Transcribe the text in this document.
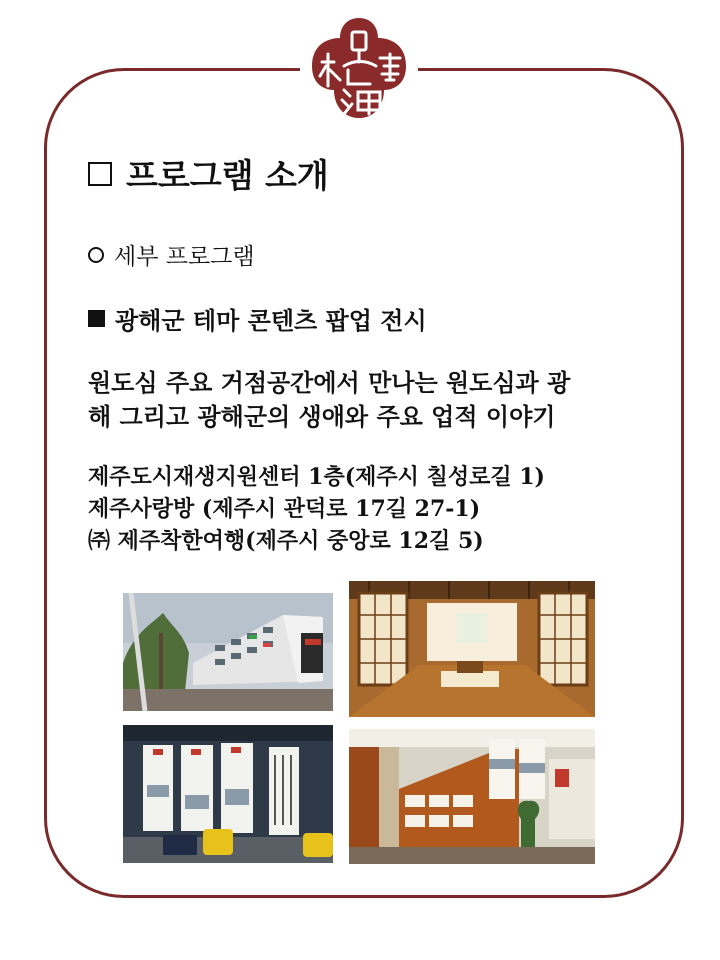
프로그램 소개
세부 프로그램
광해군 테마 콘텐츠 팝업 전시
원도심 주요 거점공간에서 만나는 원도심과 광
해 그리고 광해군의 생애와 주요 업적 이야기
제주도시재생지원센터 1층(제주시 칠성로길 1)
제주사랑방 (제주시 관덕로 17길 27-1)
㈜ 제주착한여행(제주시 중앙로 12길 5)
